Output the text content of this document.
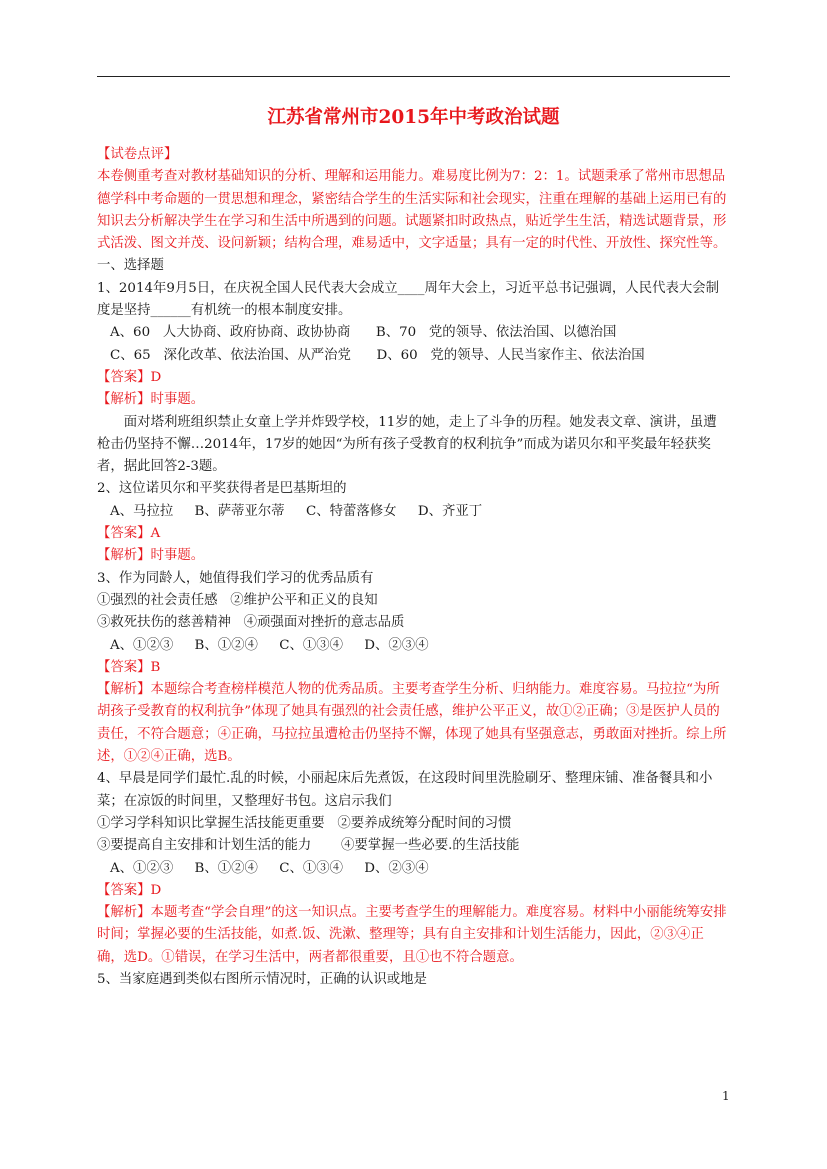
江苏省常州市2015年中考政治试题

【试卷点评】

本卷侧重考查对教材基础知识的分析、理解和运用能力。难易度比例为7：2：1。试题秉承了常州市思想品德学科中考命题的一贯思想和理念，紧密结合学生的生活实际和社会现实，注重在理解的基础上运用已有的知识去分析解决学生在学习和生活中所遇到的问题。试题紧扣时政热点，贴近学生生活，精选试题背景，形式活泼、图文并茂、设问新颖；结构合理，难易适中，文字适量；具有一定的时代性、开放性、探究性等。

一、选择题

1、2014年9月5日，在庆祝全国人民代表大会成立____周年大会上，习近平总书记强调，人民代表大会制度是坚持______有机统一的根本制度安排。

A、60   人大协商、政府协商、政协协商      B、70   党的领导、依法治国、以德治国

C、65   深化改革、依法治国、从严治党      D、60   党的领导、人民当家作主、依法治国

【答案】D

【解析】时事题。

面对塔利班组织禁止女童上学并炸毁学校，11岁的她，走上了斗争的历程。她发表文章、演讲，虽遭枪击仍坚持不懈…2014年，17岁的她因“为所有孩子受教育的权利抗争”而成为诺贝尔和平奖最年轻获奖者，据此回答2-3题。

2、这位诺贝尔和平奖获得者是巴基斯坦的

A、马拉拉     B、萨蒂亚尔蒂     C、特蕾落修女     D、齐亚丁

【答案】A

【解析】时事题。

3、作为同龄人，她值得我们学习的优秀品质有

①强烈的社会责任感   ②维护公平和正义的良知

③救死扶伤的慈善精神   ④顽强面对挫折的意志品质

A、①②③     B、①②④     C、①③④     D、②③④

【答案】B

【解析】本题综合考查榜样模范人物的优秀品质。主要考查学生分析、归纳能力。难度容易。马拉拉“为所胡孩子受教育的权利抗争”体现了她具有强烈的社会责任感，维护公平正义，故①②正确；③是医护人员的责任，不符合题意；④正确，马拉拉虽遭枪击仍坚持不懈，体现了她具有坚强意志，勇敢面对挫折。综上所述，①②④正确，选B。

4、早晨是同学们最忙.乱的时候，小丽起床后先煮饭，在这段时间里洗脸刷牙、整理床铺、准备餐具和小菜；在凉饭的时间里，又整理好书包。这启示我们

①学习学科知识比掌握生活技能更重要   ②要养成统筹分配时间的习惯

③要提高自主安排和计划生活的能力       ④要掌握一些必要.的生活技能

A、①②③     B、①②④     C、①③④     D、②③④

【答案】D

【解析】本题考查“学会自理”的这一知识点。主要考查学生的理解能力。难度容易。材料中小丽能统筹安排时间；掌握必要的生活技能，如煮.饭、洗漱、整理等；具有自主安排和计划生活能力，因此，②③④正确，选D。①错误，在学习生活中，两者都很重要，且①也不符合题意。

5、当家庭遇到类似右图所示情况时，正确的认识或地是

1
